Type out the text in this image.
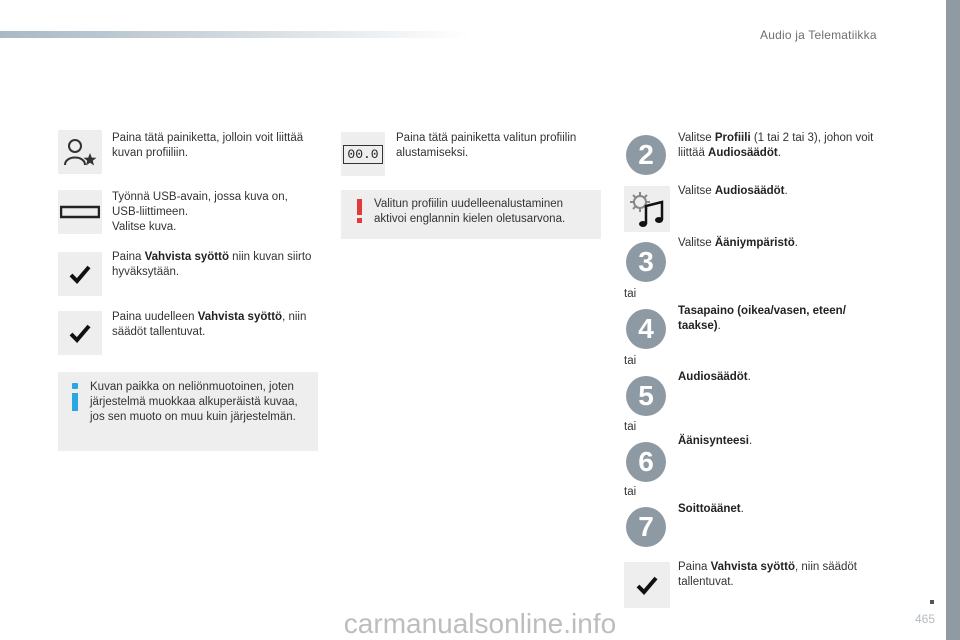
Audio ja Telematiikka
Paina tätä painiketta, jolloin voit liittää kuvan profiiliin.
Työnnä USB-avain, jossa kuva on, USB-liittimeen.
Valitse kuva.
Paina Vahvista syöttö niin kuvan siirto hyväksytään.
Paina uudelleen Vahvista syöttö, niin säädöt tallentuvat.
Kuvan paikka on neliönmuotoinen, joten järjestelmä muokkaa alkuperäistä kuvaa, jos sen muoto on muu kuin järjestelmän.
00.0
Paina tätä painiketta valitun profiilin alustamiseksi.
Valitun profiilin uudelleenalustaminen aktivoi englannin kielen oletusarvona.
2
Valitse Profiili (1 tai 2 tai 3), johon voit liittää Audiosäädöt.
Valitse Audiosäädöt.
3
Valitse Ääniympäristö.
tai
4
Tasapaino (oikea/vasen, eteen/ taakse).
tai
5
Audiosäädöt.
tai
6
Äänisynteesi.
tai
7
Soittoäänet.
Paina Vahvista syöttö, niin säädöt tallentuvat.
carmanualsonline.info	465
